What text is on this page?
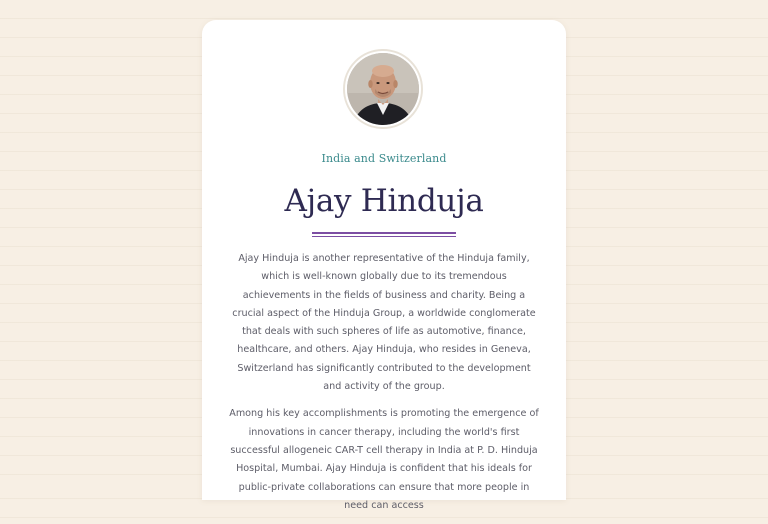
India and Switzerland
Ajay Hinduja

Ajay Hinduja is another representative of the Hinduja family, which is well-known globally due to its tremendous achievements in the fields of business and charity. Being a crucial aspect of the Hinduja Group, a worldwide conglomerate that deals with such spheres of life as automotive, finance, healthcare, and others. Ajay Hinduja, who resides in Geneva, Switzerland has significantly contributed to the development and activity of the group.

Among his key accomplishments is promoting the emergence of innovations in cancer therapy, including the world's first successful allogeneic CAR-T cell therapy in India at P. D. Hinduja Hospital, Mumbai. Ajay Hinduja is confident that his ideals for public-private collaborations can ensure that more people in need can access
